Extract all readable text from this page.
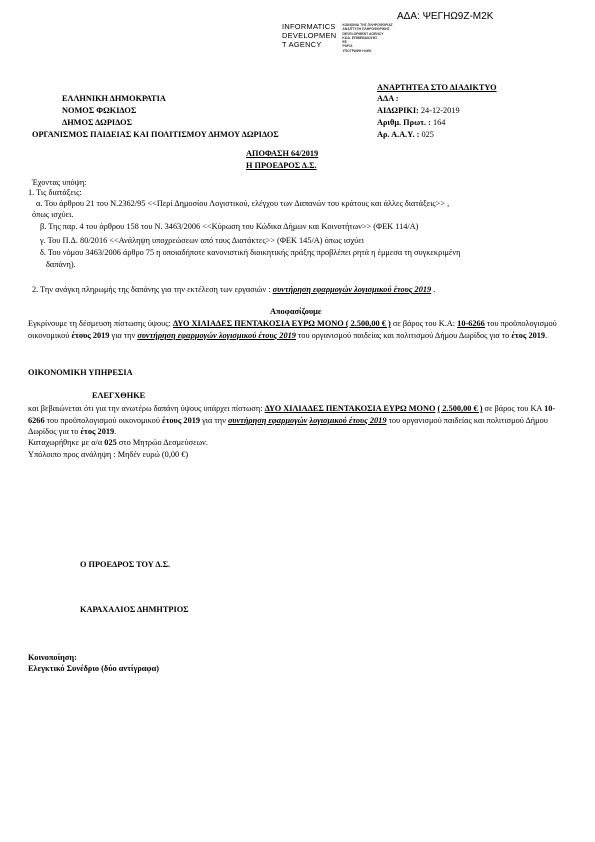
ΑΔΑ: ΨΕΓΗΩ9Ζ-Μ2Κ
INFORMATICS
DEVELOPMEN
T AGENCY
ΚΟΙΝΩΝΙΑ ΤΗΣ ΠΛΗΡΟΦΟΡΙΑΣ
ΑΝΑΠΤΥΞΗ ΠΛΗΡΟΦΟΡΙΚΗΣ
DEVELOPMENT AGENCY
ΚΩΔ. ΕΠΙΒΕΒΑΙΩΣΗΣ
ΕΕ
PDF/A
ΥΠΟΓΡΑΦΗ ΗΛΕΚ
ΕΛΛΗΝΙΚΗ ΔΗΜΟΚΡΑΤΙΑ
ΝΟΜΟΣ ΦΩΚΙΔΟΣ
ΔΗΜΟΣ ΔΩΡΙΔΟΣ
ΟΡΓΑΝΙΣΜΟΣ ΠΑΙΔΕΙΑΣ ΚΑΙ ΠΟΛΙΤΙΣΜΟΥ ΔΗΜΟΥ ΔΩΡΙΔΟΣ
ΑΝΑΡΤΗΤΕΑ ΣΤΟ ΔΙΑΔΙΚΤΥΟ
ΑΔΑ :
ΑΙΔΩΡΙΚΙ: 24-12-2019
Αριθμ. Πρωτ. : 164
Αρ. Α.Α.Υ. : 025
ΑΠΟΦΑΣΗ 64/2019
Η ΠΡΟΕΔΡΟΣ Δ.Σ.
Έχοντας υπόψη:
1. Τις διατάξεις:
α. Του άρθρου 21 του Ν.2362/95 <<Περί Δημοσίου Λογιστικού, ελέγχου των Δαπανών του κράτους και άλλες διατάξεις>> ,
όπως ισχύει.
β. Της παρ. 4 του άρθρου 158 του Ν. 3463/2006 <<Κύρωση του Κώδικα Δήμων και Κοινοτήτων>> (ΦΕΚ 114/Α)
γ. Του Π.Δ. 80/2016 <<Ανάληψη υποχρεώσεων από τους Διατάκτες>> (ΦΕΚ 145/Α) όπως ισχύει
δ. Του νόμου 3463/2006 άρθρο 75 η οποιαδήποτε κανονιστική διοικητικής πράξης προβλέπει ρητά η έμμεσα τη συγκεκριμένη
δαπάνη).
2. Την ανάγκη πληρωμής της δαπάνης για την εκτέλεση των εργασιών : συντήρηση εφαρμογών λογισμικού έτους 2019 .
Αποφασίζουμε
Εγκρίνουμε τη δέσμευση πίστωσης ύψους: ΔΥΟ ΧΙΛΙΑΔΕΣ ΠΕΝΤΑΚΟΣΙΑ ΕΥΡΩ ΜΟΝΟ ( 2.500,00 € ) σε βάρος του Κ.Α: 10-6266 του προϋπολογισμού οικονομικού έτους 2019 για την συντήρηση εφαρμογών λογισμικού έτους 2019 του οργανισμού παιδείας και πολιτισμού Δήμου Δωρίδος για το έτος 2019.
ΟΙΚΟΝΟΜΙΚΗ ΥΠΗΡΕΣΙΑ
ΕΛΕΓΧΘΗΚΕ
και βεβαιώνεται ότι για την ανωτέρω δαπάνη ύψους υπάρχει πίστωση: ΔΥΟ ΧΙΛΙΑΔΕΣ ΠΕΝΤΑΚΟΣΙΑ ΕΥΡΩ ΜΟΝΟ ( 2.500,00 € ) σε βάρος του ΚΑ 10-6266 του προϋπολογισμού οικονομικού έτους 2019 για την συντήρηση εφαρμογών λογισμικού έτους 2019 του οργανισμού παιδείας και πολιτισμού Δήμου Δωρίδος για το έτος 2019.
Καταχωρήθηκε με α/α 025 στο Μητρώο Δεσμεύσεων.
Υπόλοιπο προς ανάληψη : Μηδέν ευρώ (0,00 €)
Ο ΠΡΟΕΔΡΟΣ ΤΟΥ Δ.Σ.
ΚΑΡΑΧΑΛΙΟΣ ΔΗΜΗΤΡΙΟΣ
Κοινοποίηση:
Ελεγκτικό Συνέδριο (δύο αντίγραφα)
